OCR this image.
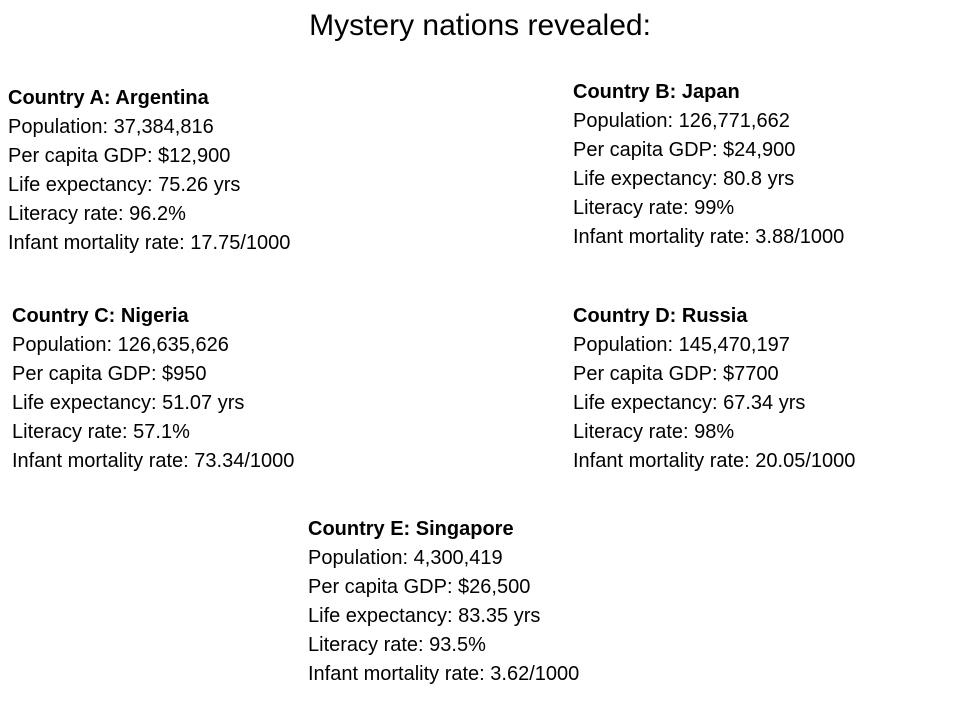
Mystery nations revealed:
Country A: Argentina
Population: 37,384,816
Per capita GDP: $12,900
Life expectancy: 75.26 yrs
Literacy rate: 96.2%
Infant mortality rate: 17.75/1000
Country B: Japan
Population: 126,771,662
Per capita GDP: $24,900
Life expectancy: 80.8 yrs
Literacy rate: 99%
Infant mortality rate: 3.88/1000
Country C: Nigeria
Population: 126,635,626
Per capita GDP: $950
Life expectancy: 51.07 yrs
Literacy rate: 57.1%
Infant mortality rate: 73.34/1000
Country D: Russia
Population: 145,470,197
Per capita GDP: $7700
Life expectancy: 67.34 yrs
Literacy rate: 98%
Infant mortality rate: 20.05/1000
Country E: Singapore
Population: 4,300,419
Per capita GDP: $26,500
Life expectancy: 83.35 yrs
Literacy rate: 93.5%
Infant mortality rate: 3.62/1000
